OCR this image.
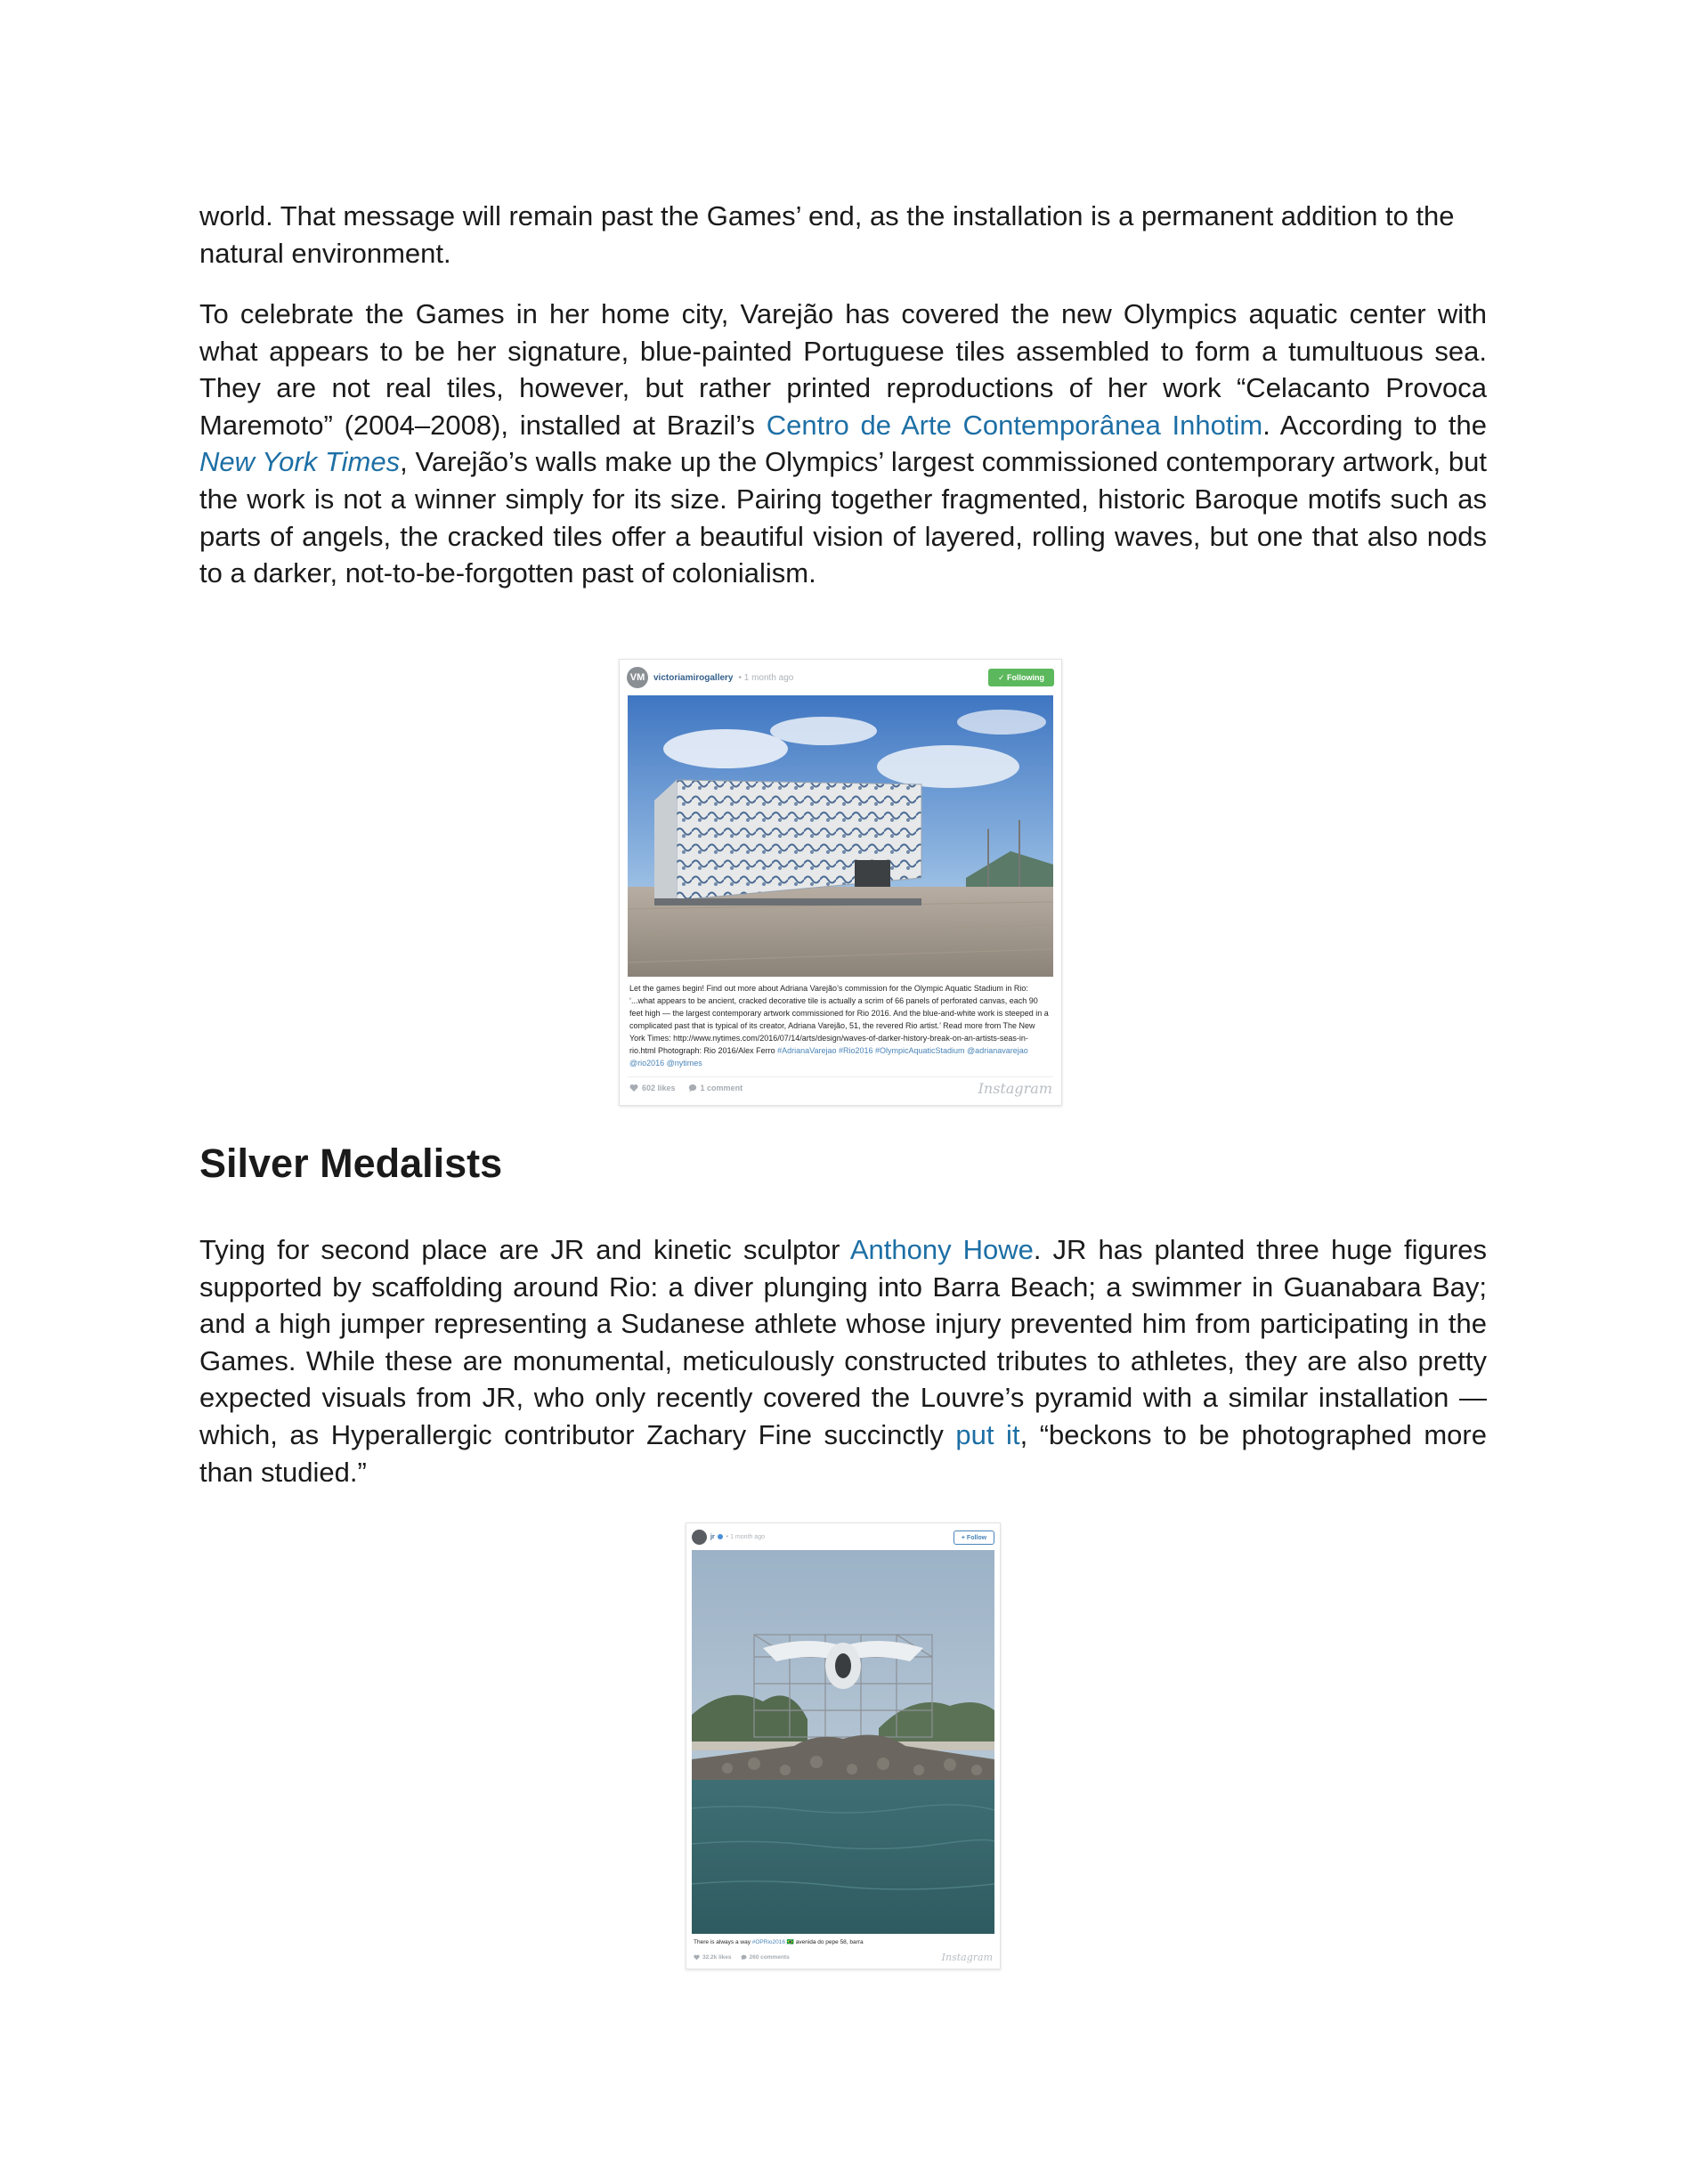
world. That message will remain past the Games’ end, as the installation is a permanent addition to the natural environment.

To celebrate the Games in her home city, Varejão has covered the new Olympics aquatic center with what appears to be her signature, blue-painted Portuguese tiles assembled to form a tumultuous sea. They are not real tiles, however, but rather printed reproductions of her work “Celacanto Provoca Maremoto” (2004–2008), installed at Brazil’s Centro de Arte Contemporânea Inhotim. According to the New York Times, Varejão’s walls make up the Olympics’ largest commissioned contemporary artwork, but the work is not a winner simply for its size. Pairing together fragmented, historic Baroque motifs such as parts of angels, the cracked tiles offer a beautiful vision of layered, rolling waves, but one that also nods to a darker, not-to-be-forgotten past of colonialism.

VM victoriamirogallery • 1 month ago	✓ Following

Let the games begin! Find out more about Adriana Varejão’s commission for the Olympic Aquatic Stadium in Rio: ‘...what appears to be ancient, cracked decorative tile is actually a scrim of 66 panels of perforated canvas, each 90 feet high — the largest contemporary artwork commissioned for Rio 2016. And the blue-and-white work is steeped in a complicated past that is typical of its creator, Adriana Varejão, 51, the revered Rio artist.’ Read more from The New York Times: http://www.nytimes.com/2016/07/14/arts/design/waves-of-darker-history-break-on-an-artists-seas-in-rio.html Photograph: Rio 2016/Alex Ferro #AdrianaVarejao #Rio2016 #OlympicAquaticStadium @adrianavarejao @rio2016 @nytimes

602 likes	1 comment	Instagram
Silver Medalists

Tying for second place are JR and kinetic sculptor Anthony Howe. JR has planted three huge figures supported by scaffolding around Rio: a diver plunging into Barra Beach; a swimmer in Guanabara Bay; and a high jumper representing a Sudanese athlete whose injury prevented him from participating in the Games. While these are monumental, meticulously constructed tributes to athletes, they are also pretty expected visuals from JR, who only recently covered the Louvre’s pyramid with a similar installation — which, as Hyperallergic contributor Zachary Fine succinctly put it, “beckons to be photographed more than studied.”

jr • 1 month ago	+ Follow

There is always a way #OPRio2016 🇧🇷 avenida do pepe 58, barra

32.2k likes	260 comments	Instagram
